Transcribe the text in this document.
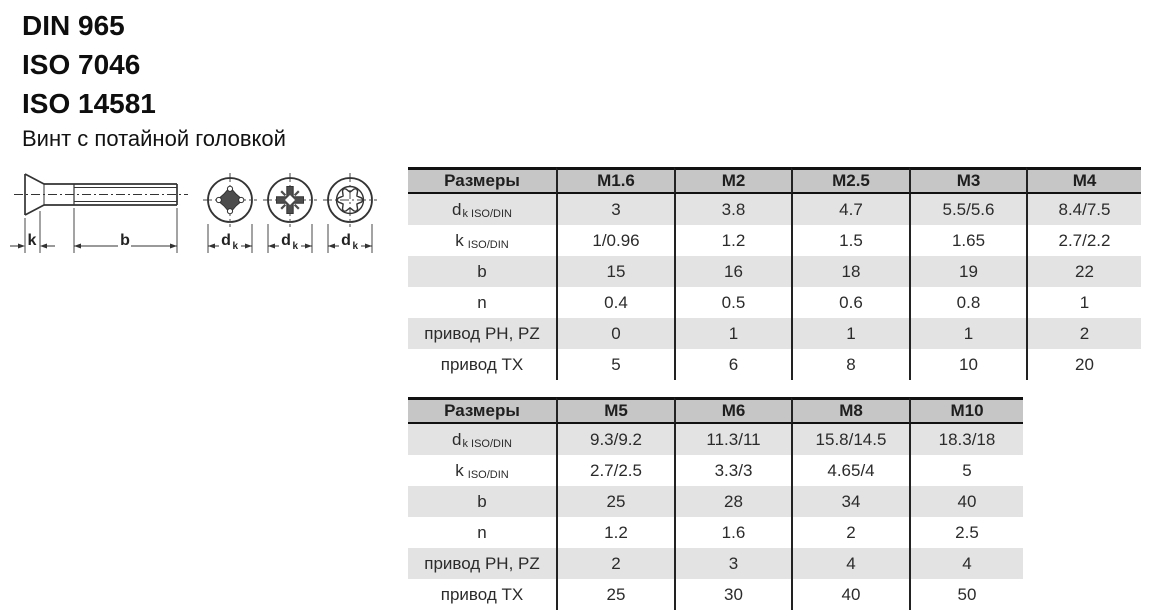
DIN 965
ISO 7046
ISO 14581
Винт с потайной головкой
k	b	d k	d k	d k
Размеры	M1.6	M2	M2.5	M3	M4
d k ISO/DIN	3	3.8	4.7	5.5/5.6	8.4/7.5
k ISO/DIN	1/0.96	1.2	1.5	1.65	2.7/2.2
b	15	16	18	19	22
n	0.4	0.5	0.6	0.8	1
привод PH, PZ	0	1	1	1	2
привод TX	5	6	8	10	20
Размеры	M5	M6	M8	M10
d k ISO/DIN	9.3/9.2	11.3/11	15.8/14.5	18.3/18
k ISO/DIN	2.7/2.5	3.3/3	4.65/4	5
b	25	28	34	40
n	1.2	1.6	2	2.5
привод PH, PZ	2	3	4	4
привод TX	25	30	40	50
